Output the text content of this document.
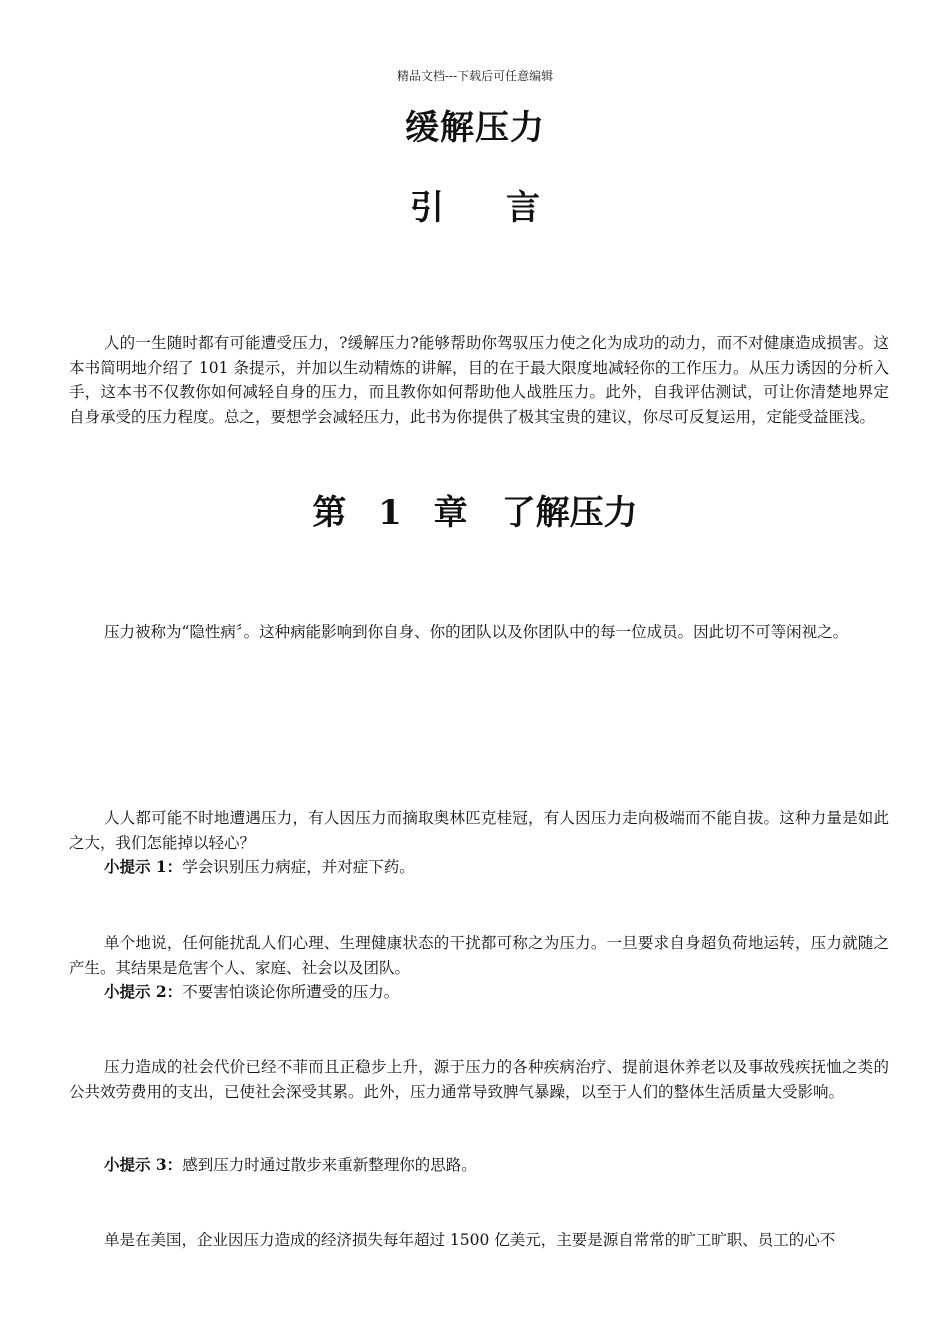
精品文档---下载后可任意编辑
缓解压力
引言
人的一生随时都有可能遭受压力，?缓解压力?能够帮助你驾驭压力使之化为成功的动力，而不对健康造成损害。这本书简明地介绍了 101 条提示，并加以生动精炼的讲解，目的在于最大限度地减轻你的工作压力。从压力诱因的分析入手，这本书不仅教你如何减轻自身的压力，而且教你如何帮助他人战胜压力。此外，自我评估测试，可让你清楚地界定自身承受的压力程度。总之，要想学会减轻压力，此书为你提供了极其宝贵的建议，你尽可反复运用，定能受益匪浅。
第 1 章　了解压力
压力被称为“隐性病〞。这种病能影响到你自身、你的团队以及你团队中的每一位成员。因此切不可等闲视之。
人人都可能不时地遭遇压力，有人因压力而摘取奥林匹克桂冠，有人因压力走向极端而不能自拔。这种力量是如此之大，我们怎能掉以轻心？
小提示 1：学会识别压力病症，并对症下药。
单个地说，任何能扰乱人们心理、生理健康状态的干扰都可称之为压力。一旦要求自身超负荷地运转，压力就随之产生。其结果是危害个人、家庭、社会以及团队。
小提示 2：不要害怕谈论你所遭受的压力。
压力造成的社会代价已经不菲而且正稳步上升，源于压力的各种疾病治疗、提前退休养老以及事故残疾抚恤之类的公共效劳费用的支出，已使社会深受其累。此外，压力通常导致脾气暴躁，以至于人们的整体生活质量大受影响。
小提示 3：感到压力时通过散步来重新整理你的思路。
单是在美国，企业因压力造成的经济损失每年超过 1500 亿美元，主要是源自常常的旷工旷职、员工的心不
